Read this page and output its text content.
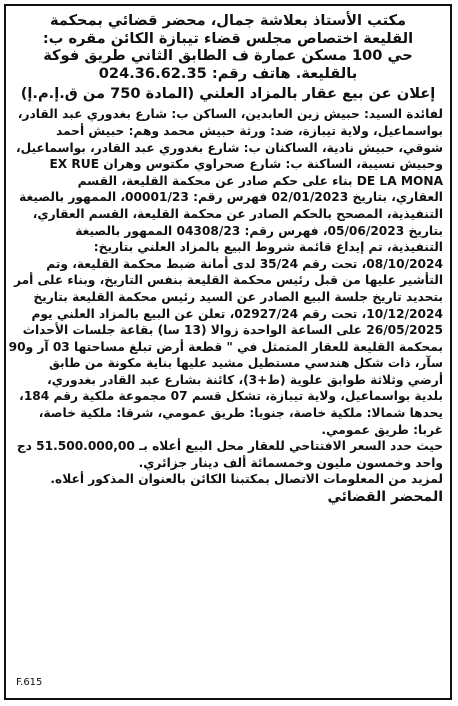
مكتب الأستاذ بعلاشة جمال، محضر قضائي بمحكمة
القليعة اختصاص مجلس قضاء تيبازة الكائن مقره ب:
حي 100 مسكن عمارة ف الطابق الثاني طريق فوكة
بالقليعة. هاتف رقم: 024.36.62.35
إعلان عن بيع عقار بالمزاد العلني (المادة 750 من ق.إ.م.إ)
لفائدة السيد: حبيش زين العابدين، الساكن ب: شارع بغدوري عبد القادر،
بواسماعيل، ولاية تيبازة، ضد: ورثة حبيش محمد وهم: حبيش أحمد
شوقي، حبيش نادية، الساكنان ب: شارع بغدوري عبد القادر، بواسماعيل،
وحبيش نسيبة، الساكنة ب: شارع صحراوي مكتوس وهران EX RUE
DE LA MONA بناء على حكم صادر عن محكمة القليعة، القسم
العقاري، بتاريخ 02/01/2023 فهرس رقم: 00001/23، الممهور بالصيغة
التنفيذية، المصحح بالحكم الصادر عن محكمة القليعة، القسم العقاري،
بتاريخ 05/06/2023، فهرس رقم: 04308/23 الممهور بالصيغة
التنفيذية، تم إيداع قائمة شروط البيع بالمزاد العلني بتاريخ:
08/10/2024، تحت رقم 35/24 لدى أمانة ضبط محكمة القليعة، وتم
التأشير عليها من قبل رئيس محكمة القليعة بنفس التاريخ، وبناء على أمر
بتحديد تاريخ جلسة البيع الصادر عن السيد رئيس محكمة القليعة بتاريخ
10/12/2024، تحت رقم 02927/24، تعلن عن البيع بالمزاد العلني يوم
26/05/2025 على الساعة الواحدة زوالا (13 سا) بقاعة جلسات الأحداث
بمحكمة القليعة للعقار المتمثل في " قطعة أرض تبلغ مساحتها 03 آر و90
سآر، ذات شكل هندسي مستطيل مشيد عليها بناية مكونة من طابق
أرضي وثلاثة طوابق علوية (ط+3)، كائنة بشارع عبد القادر بغدوري،
بلدية بواسماعيل، ولاية تيبازة، تشكل قسم 07 مجموعة ملكية رقم 184،
يحدها شمالا: ملكية خاصة، جنوبا: طريق عمومي، شرقا: ملكية خاصة،
غربا: طريق عمومي.
حيث حدد السعر الافتتاحي للعقار محل البيع أعلاه بـ 51.500.000,00 دج
واحد وخمسون مليون وخمسمائة ألف دينار جزائري.
لمزيد من المعلومات الاتصال بمكتبنا الكائن بالعنوان المذكور أعلاه.
المحضر القضائي
F.615
